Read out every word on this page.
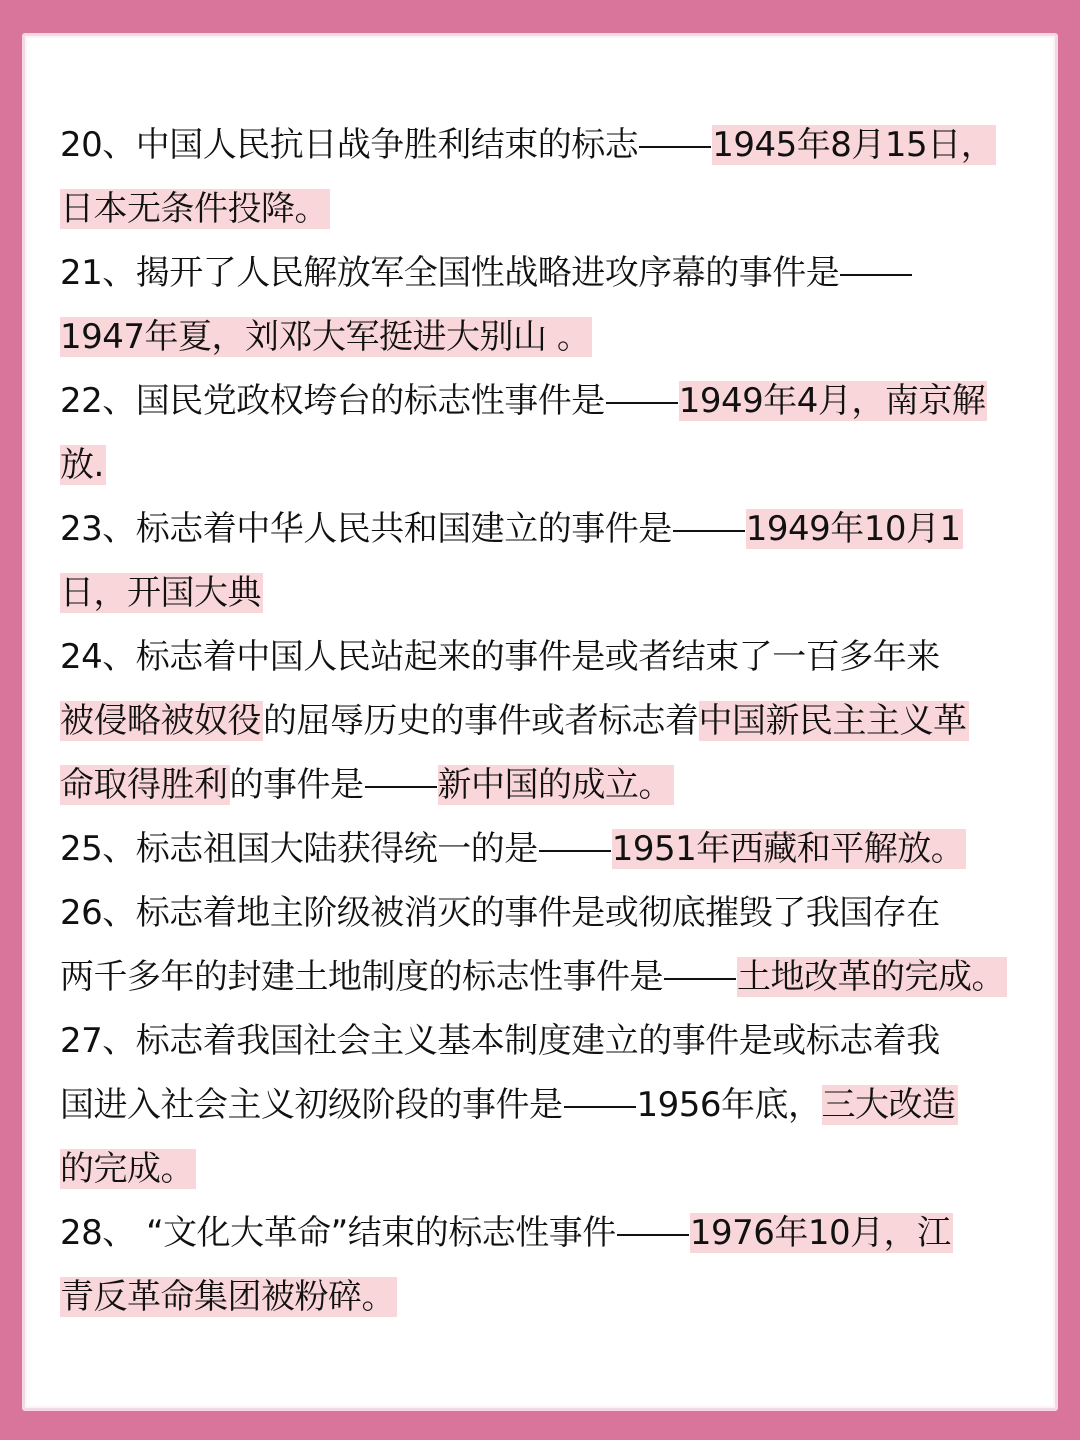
20、中国人民抗日战争胜利结束的标志 1945年8月15日，
日本无条件投降。
21、揭开了人民解放军全国性战略进攻序幕的事件是
1947年夏，刘邓大军挺进大别山 。
22、国民党政权垮台的标志性事件是 1949年4月，南京解
放.
23、标志着中华人民共和国建立的事件是 1949年10月1
日，开国大典
24、标志着中国人民站起来的事件是或者结束了一百多年来
被侵略被奴役的屈辱历史的事件或者标志着中国新民主主义革
命取得胜利的事件是 新中国的成立。
25、标志祖国大陆获得统一的是 1951年西藏和平解放。
26、标志着地主阶级被消灭的事件是或彻底摧毁了我国存在
两千多年的封建土地制度的标志性事件是 土地改革的完成。
27、标志着我国社会主义基本制度建立的事件是或标志着我
国进入社会主义初级阶段的事件是 1956年底，三大改造
的完成。
28、 “文化大革命”结束的标志性事件 1976年10月，江
青反革命集团被粉碎。
